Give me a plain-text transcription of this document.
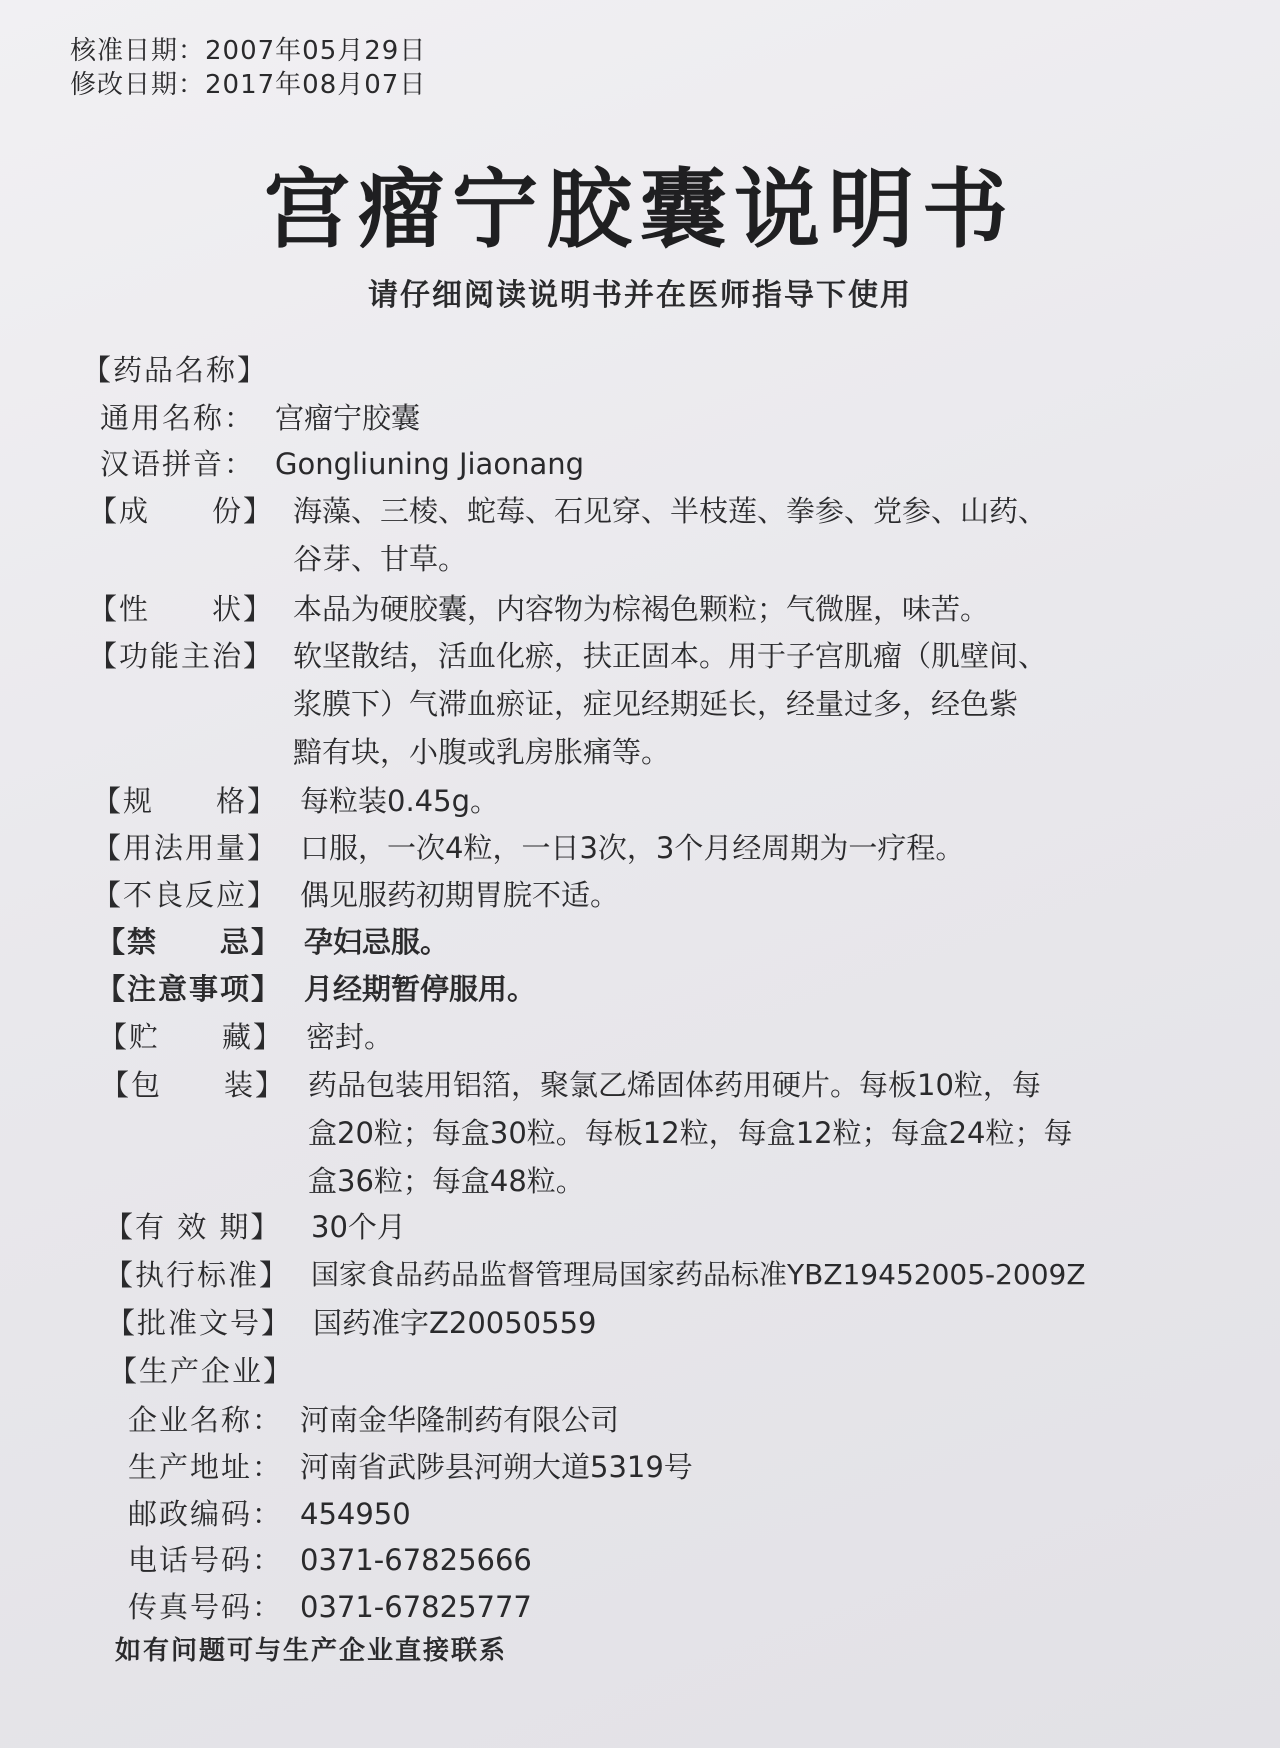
核准日期：2007年05月29日
修改日期：2017年08月07日
宫瘤宁胶囊说明书
请仔细阅读说明书并在医师指导下使用
【药品名称】
通用名称： 宫瘤宁胶囊
汉语拼音： Gongliuning Jiaonang
【成　　份】 海藻、三棱、蛇莓、石见穿、半枝莲、拳参、党参、山药、
谷芽、甘草。
【性　　状】 本品为硬胶囊，内容物为棕褐色颗粒；气微腥，味苦。
【功能主治】 软坚散结，活血化瘀，扶正固本。用于子宫肌瘤（肌壁间、
浆膜下）气滞血瘀证，症见经期延长，经量过多，经色紫
黯有块，小腹或乳房胀痛等。
【规　　格】 每粒装0.45g。
【用法用量】 口服，一次4粒，一日3次，3个月经周期为一疗程。
【不良反应】 偶见服药初期胃脘不适。
【禁　　忌】 孕妇忌服。
【注意事项】 月经期暂停服用。
【贮　　藏】 密封。
【包　　装】 药品包装用铝箔，聚氯乙烯固体药用硬片。每板10粒，每
盒20粒；每盒30粒。每板12粒，每盒12粒；每盒24粒；每
盒36粒；每盒48粒。
【有 效 期】 30个月
【执行标准】 国家食品药品监督管理局国家药品标准YBZ19452005-2009Z
【批准文号】 国药准字Z20050559
【生产企业】
企业名称： 河南金华隆制药有限公司
生产地址： 河南省武陟县河朔大道5319号
邮政编码： 454950
电话号码： 0371-67825666
传真号码： 0371-67825777
如有问题可与生产企业直接联系
